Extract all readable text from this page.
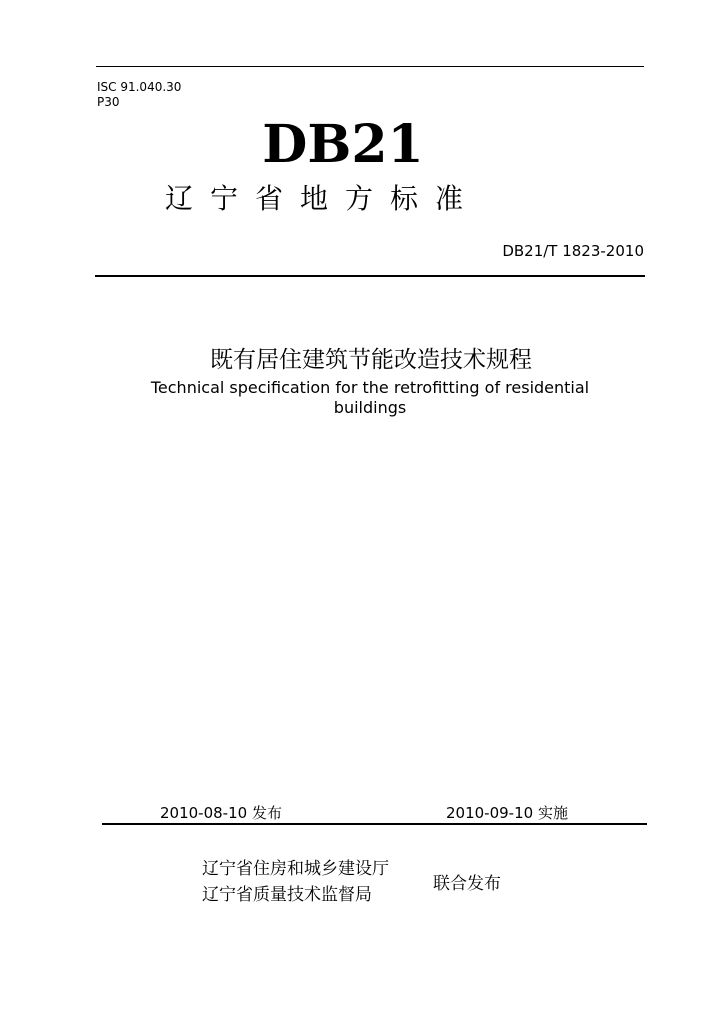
ISC 91.040.30
P30
DB21
辽宁省地方标准
DB21/T 1823-2010
既有居住建筑节能改造技术规程
Technical specification for the retrofitting of residential buildings
2010-08-10 发布	2010-09-10 实施
辽宁省住房和城乡建设厅
辽宁省质量技术监督局
联合发布
